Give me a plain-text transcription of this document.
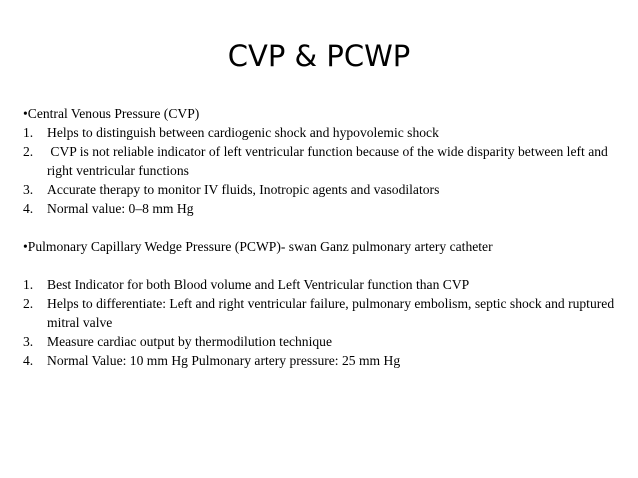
CVP & PCWP
•Central Venous Pressure (CVP)
1. Helps to distinguish between cardiogenic shock and hypovolemic shock
2. CVP is not reliable indicator of left ventricular function because of the wide disparity between left and right ventricular functions
3. Accurate therapy to monitor IV fluids, Inotropic agents and vasodilators
4. Normal value: 0–8 mm Hg
•Pulmonary Capillary Wedge Pressure (PCWP)- swan Ganz pulmonary artery catheter
1. Best Indicator for both Blood volume and Left Ventricular function than CVP
2. Helps to differentiate: Left and right ventricular failure, pulmonary embolism, septic shock and ruptured mitral valve
3. Measure cardiac output by thermodilution technique
4. Normal Value: 10 mm Hg Pulmonary artery pressure: 25 mm Hg
